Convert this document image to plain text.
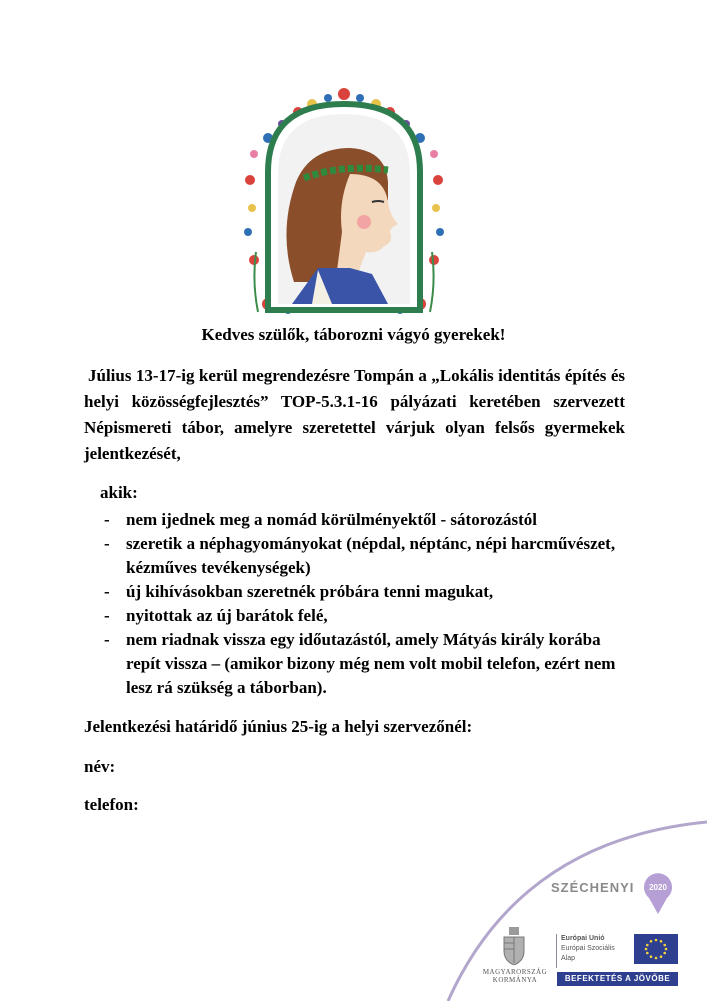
Kedves szülők, táborozni vágyó gyerekek!
Július 13-17-ig kerül megrendezésre Tompán a „Lokális identitás építés és helyi közösségfejlesztés” TOP-5.3.1-16 pályázati keretében szervezett Népismereti tábor, amelyre szeretettel várjuk olyan felsős gyermekek jelentkezését,
akik:
- nem ijednek meg a nomád körülményektől - sátorozástól
- szeretik a néphagyományokat (népdal, néptánc, népi harcművészet, kézműves tevékenységek)
- új kihívásokban szeretnék próbára tenni magukat,
- nyitottak az új barátok felé,
- nem riadnak vissza egy időutazástól, amely Mátyás király korába repít vissza – (amikor bizony még nem volt mobil telefon, ezért nem lesz rá szükség a táborban).
Jelentkezési határidő június 25-ig a helyi szervezőnél:
név:
telefon:
SZÉCHENYI 2020
MAGYARORSZÁG
KORMÁNYA
Európai Unió
Európai Szociális
Alap
BEFEKTETÉS A JÖVŐBE
